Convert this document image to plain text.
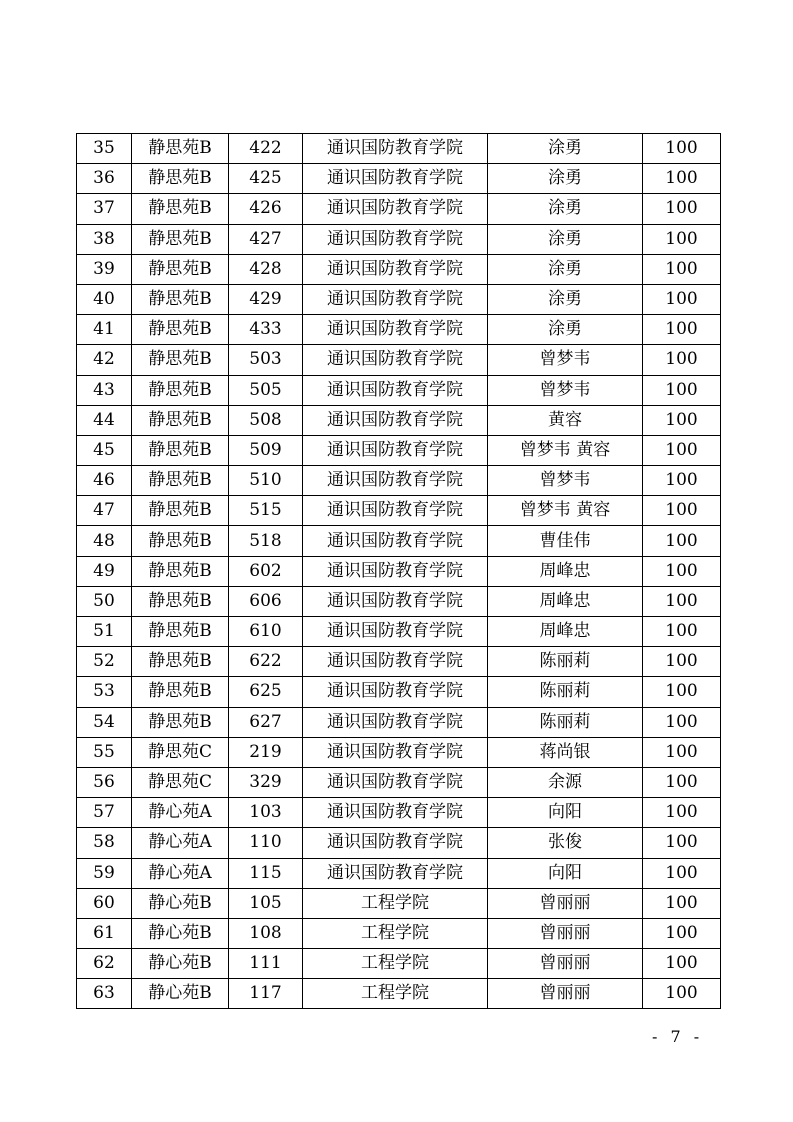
35	静思苑B	422	通识国防教育学院	涂勇	100
36	静思苑B	425	通识国防教育学院	涂勇	100
37	静思苑B	426	通识国防教育学院	涂勇	100
38	静思苑B	427	通识国防教育学院	涂勇	100
39	静思苑B	428	通识国防教育学院	涂勇	100
40	静思苑B	429	通识国防教育学院	涂勇	100
41	静思苑B	433	通识国防教育学院	涂勇	100
42	静思苑B	503	通识国防教育学院	曾梦韦	100
43	静思苑B	505	通识国防教育学院	曾梦韦	100
44	静思苑B	508	通识国防教育学院	黄容	100
45	静思苑B	509	通识国防教育学院	曾梦韦 黄容	100
46	静思苑B	510	通识国防教育学院	曾梦韦	100
47	静思苑B	515	通识国防教育学院	曾梦韦 黄容	100
48	静思苑B	518	通识国防教育学院	曹佳伟	100
49	静思苑B	602	通识国防教育学院	周峰忠	100
50	静思苑B	606	通识国防教育学院	周峰忠	100
51	静思苑B	610	通识国防教育学院	周峰忠	100
52	静思苑B	622	通识国防教育学院	陈丽莉	100
53	静思苑B	625	通识国防教育学院	陈丽莉	100
54	静思苑B	627	通识国防教育学院	陈丽莉	100
55	静思苑C	219	通识国防教育学院	蒋尚银	100
56	静思苑C	329	通识国防教育学院	余源	100
57	静心苑A	103	通识国防教育学院	向阳	100
58	静心苑A	110	通识国防教育学院	张俊	100
59	静心苑A	115	通识国防教育学院	向阳	100
60	静心苑B	105	工程学院	曾丽丽	100
61	静心苑B	108	工程学院	曾丽丽	100
62	静心苑B	111	工程学院	曾丽丽	100
63	静心苑B	117	工程学院	曾丽丽	100
- 7 -
